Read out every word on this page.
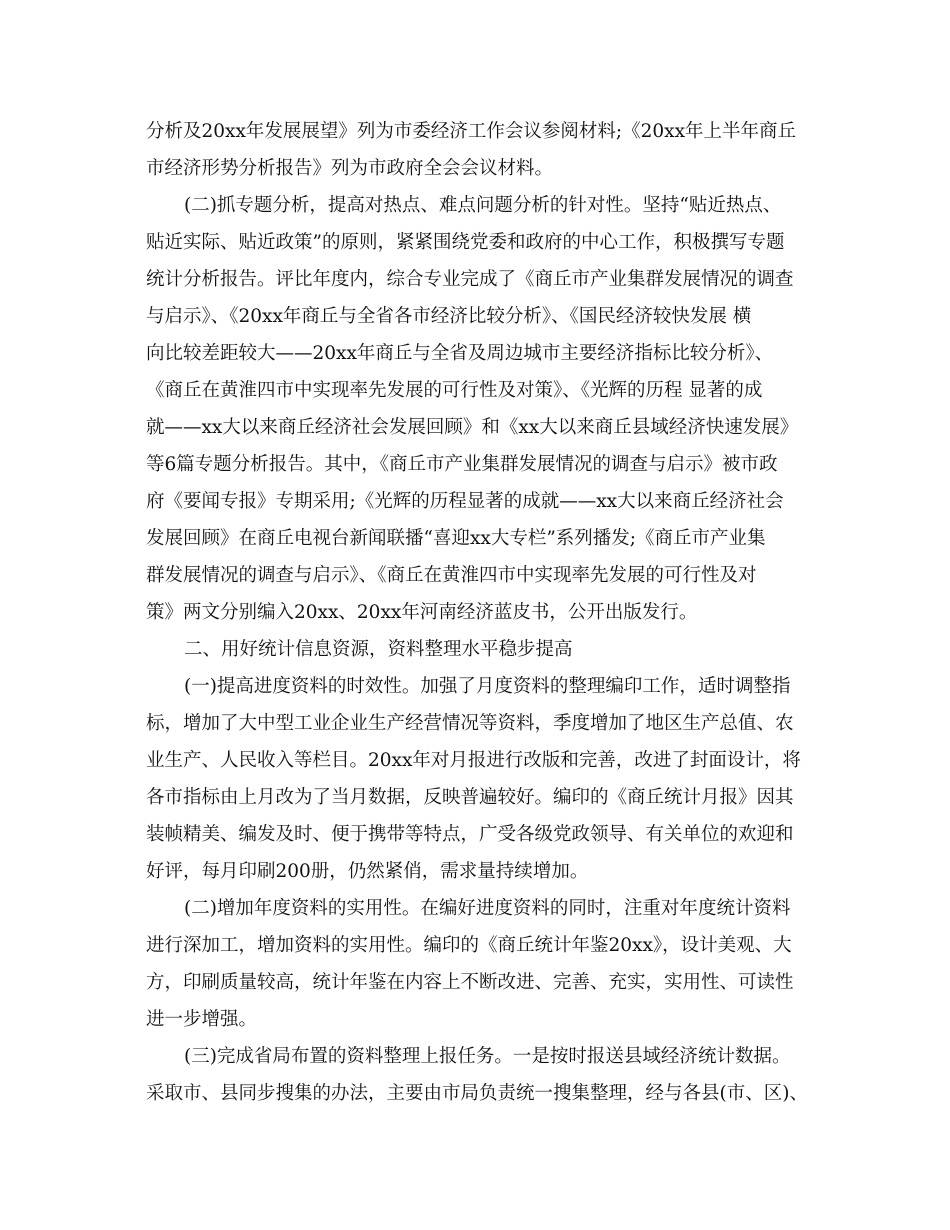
分析及20xx年发展展望》列为市委经济工作会议参阅材料;《20xx年上半年商丘
市经济形势分析报告》列为市政府全会会议材料。
(二)抓专题分析，提高对热点、难点问题分析的针对性。坚持“贴近热点、
贴近实际、贴近政策”的原则，紧紧围绕党委和政府的中心工作，积极撰写专题
统计分析报告。评比年度内，综合专业完成了《商丘市产业集群发展情况的调查
与启示》、《20xx年商丘与全省各市经济比较分析》、《国民经济较快发展 横
向比较差距较大——20xx年商丘与全省及周边城市主要经济指标比较分析》、
《商丘在黄淮四市中实现率先发展的可行性及对策》、《光辉的历程 显著的成
就——xx大以来商丘经济社会发展回顾》和《xx大以来商丘县域经济快速发展》
等6篇专题分析报告。其中，《商丘市产业集群发展情况的调查与启示》被市政
府《要闻专报》专期采用;《光辉的历程显著的成就——xx大以来商丘经济社会
发展回顾》在商丘电视台新闻联播“喜迎xx大专栏”系列播发;《商丘市产业集
群发展情况的调查与启示》、《商丘在黄淮四市中实现率先发展的可行性及对
策》两文分别编入20xx、20xx年河南经济蓝皮书，公开出版发行。
二、用好统计信息资源，资料整理水平稳步提高
(一)提高进度资料的时效性。加强了月度资料的整理编印工作，适时调整指
标，增加了大中型工业企业生产经营情况等资料，季度增加了地区生产总值、农
业生产、人民收入等栏目。20xx年对月报进行改版和完善，改进了封面设计，将
各市指标由上月改为了当月数据，反映普遍较好。编印的《商丘统计月报》因其
装帧精美、编发及时、便于携带等特点，广受各级党政领导、有关单位的欢迎和
好评，每月印刷200册，仍然紧俏，需求量持续增加。
(二)增加年度资料的实用性。在编好进度资料的同时，注重对年度统计资料
进行深加工，增加资料的实用性。编印的《商丘统计年鉴20xx》，设计美观、大
方，印刷质量较高，统计年鉴在内容上不断改进、完善、充实，实用性、可读性
进一步增强。
(三)完成省局布置的资料整理上报任务。一是按时报送县域经济统计数据。
采取市、县同步搜集的办法，主要由市局负责统一搜集整理，经与各县(市、区)、
